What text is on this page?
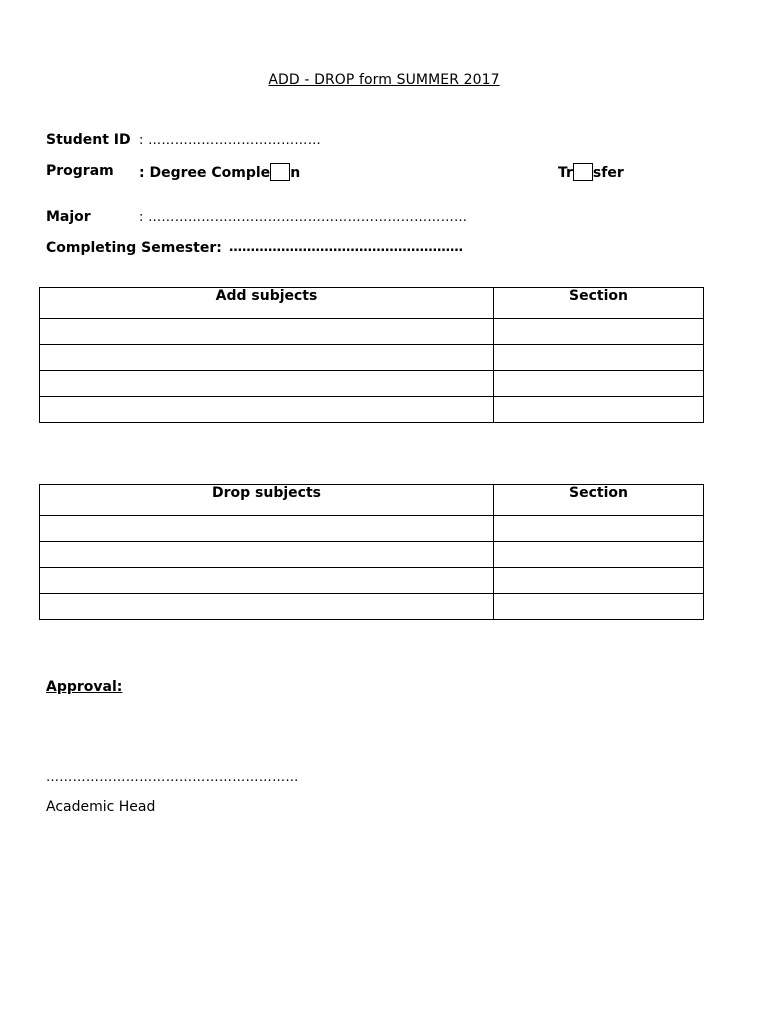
ADD - DROP form SUMMER 2017
Student ID : …………………………………
Program : Degree Comple n	Tr sfer
Major	: ………………………………………………………………
Completing Semester: ………………………………………………
Add subjects	Section

Drop subjects	Section

Approval:
…………………………………………………
Academic Head
